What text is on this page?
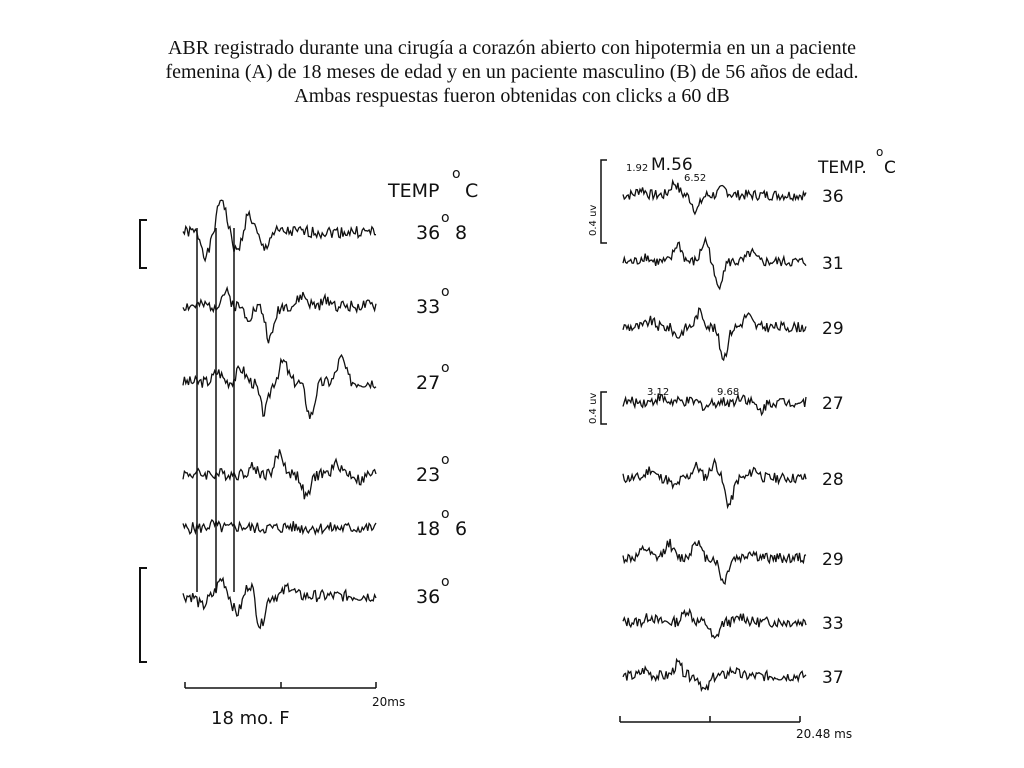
ABR registrado durante una cirugía a corazón abierto con hipotermia en un a paciente
femenina (A) de 18 meses de edad y en un paciente masculino (B) de 56 años de edad.
Ambas respuestas fueron obtenidas con clicks a 60 dB
TEMP
o
C
20ms
18 mo. F
36
o
8
33
o
27
o
23
o
18
o
6
36
o
1.92 M.56
6.52
TEMP.
o
C
0.4 uv
0.4 uv
3.12	9.68
20.48 ms
36
31
29
27
28
29
33
37
